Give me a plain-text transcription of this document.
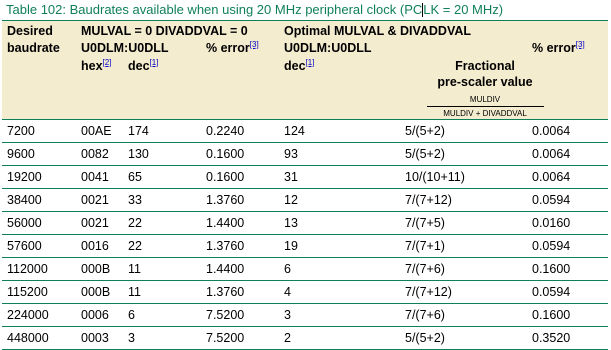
Table 102: Baudrates available when using 20 MHz peripheral clock (PCLK = 20 MHz)						
Desired	MULVAL = 0 DIVADDVAL = 0			Optimal MULVAL & DIVADDVAL		
baudrate	U0DLM:U0DLL		% error[3]	U0DLM:U0DLL		% error[3]
	hex[2]	dec[1]		dec[1]	Fractional	
					pre-scaler value
MULDIV
MULDIV + DIVADDVAL	

7200	00AE	174	0.2240	124	5/(5+2)	0.0064
9600	0082	130	0.1600	93	5/(5+2)	0.0064
19200	0041	65	0.1600	31	10/(10+11)	0.0064
38400	0021	33	1.3760	12	7/(7+12)	0.0594
56000	0021	22	1.4400	13	7/(7+5)	0.0160
57600	0016	22	1.3760	19	7/(7+1)	0.0594
112000	000B	11	1.4400	6	7/(7+6)	0.1600
115200	000B	11	1.3760	4	7/(7+12)	0.0594
224000	0006	6	7.5200	3	7/(7+6)	0.1600
448000	0003	3	7.5200	2	5/(5+2)	0.3520
